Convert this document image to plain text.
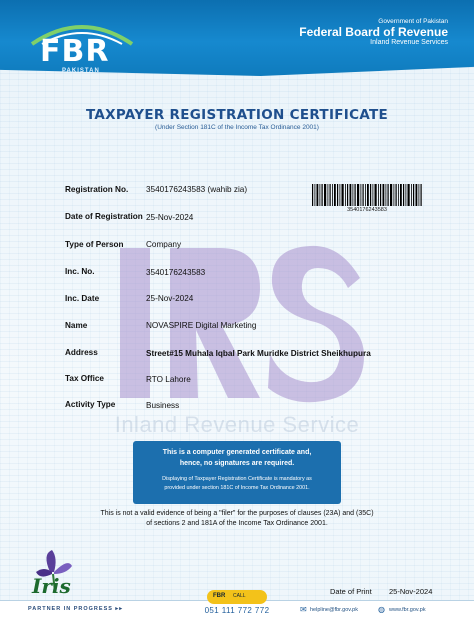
FBR
PAKISTAN
Government of Pakistan
Federal Board of Revenue
Inland Revenue Services
TAXPAYER REGISTRATION CERTIFICATE
(Under Section 181C of the Income Tax Ordinance 2001)
Inland Revenue Service
Registration No. 3540176243583 (wahib zia)
Date of Registration 25-Nov-2024
Type of Person	Company
Inc. No.	3540176243583
Inc. Date	25-Nov-2024
Name	NOVASPIRE Digital Marketing
Address	Street#15 Muhala Iqbal Park Muridke District Sheikhupura
Tax Office	RTO Lahore
Activity Type	Business
3540176243583
This is a computer generated certificate and,
hence, no signatures are required.
Displaying of Taxpayer Registration Certificate is mandatory as
provided under section 181C of Income Tax Ordinance 2001.
This is not a valid evidence of being a "filer" for the purposes of clauses (23A) and (35C)
of sections 2 and 181A of the Income Tax Ordinance 2001.
Iris	Date of Print 25-Nov-2024
PARTNER IN PROGRESS ▸▸
FBR CALL
051 111 772 772	✉ helpline@fbr.gov.pk	◍ www.fbr.gov.pk
